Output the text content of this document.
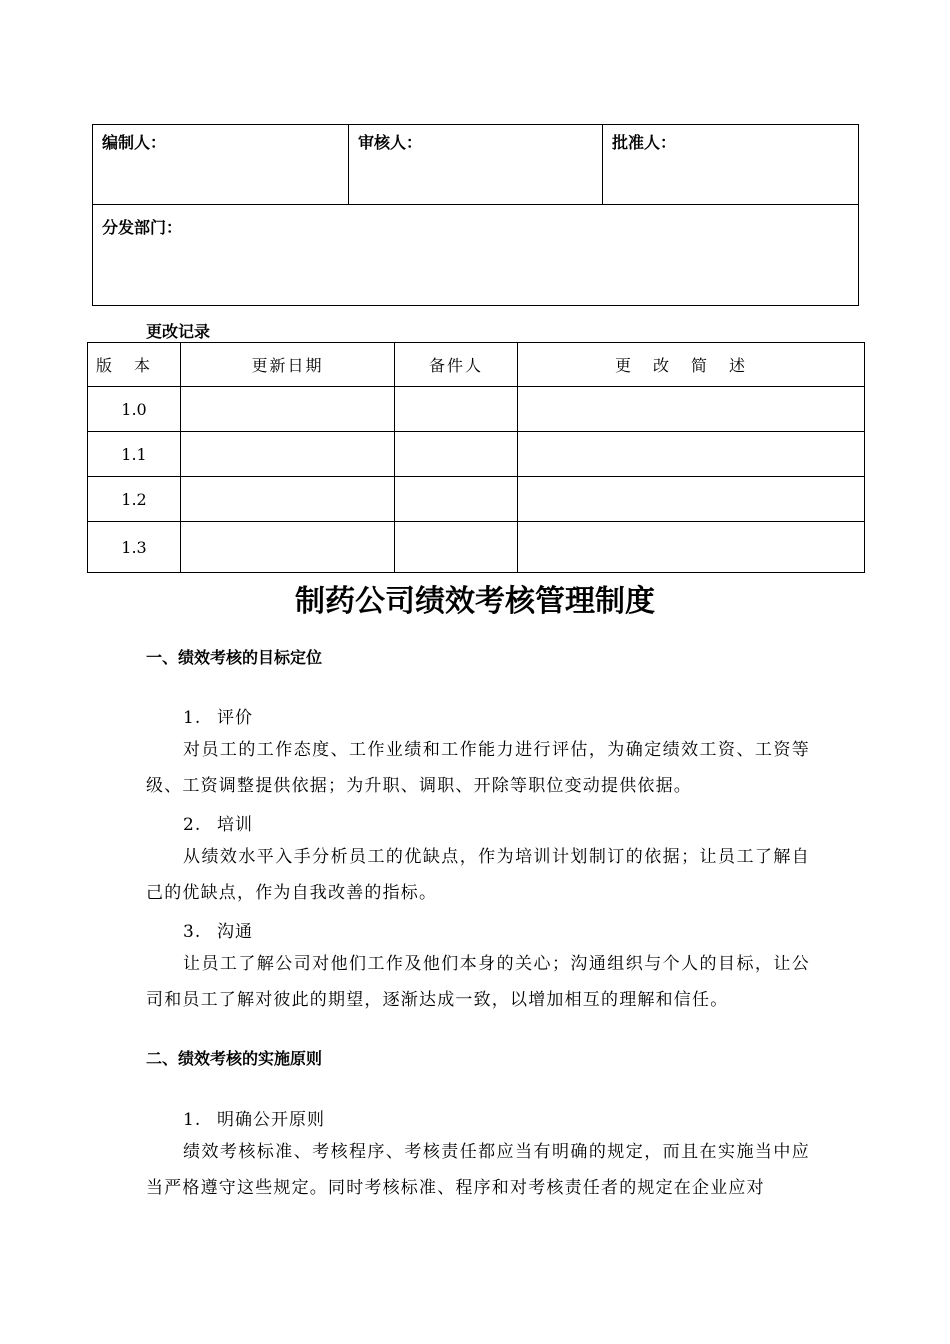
编制人：	审核人：	批准人：
分发部门：
更改记录
版本	更新日期	备件人	更改简述
1.0			
1.1			
1.2			
1.3			
制药公司绩效考核管理制度
一、绩效考核的目标定位
1. 评价
对员工的工作态度、工作业绩和工作能力进行评估，为确定绩效工资、工资等级、工资调整提供依据；为升职、调职、开除等职位变动提供依据。
2. 培训
从绩效水平入手分析员工的优缺点，作为培训计划制订的依据；让员工了解自己的优缺点，作为自我改善的指标。
3. 沟通
让员工了解公司对他们工作及他们本身的关心；沟通组织与个人的目标，让公司和员工了解对彼此的期望，逐渐达成一致，以增加相互的理解和信任。
二、绩效考核的实施原则
1. 明确公开原则
绩效考核标准、考核程序、考核责任都应当有明确的规定，而且在实施当中应当严格遵守这些规定。同时考核标准、程序和对考核责任者的规定在企业应对
